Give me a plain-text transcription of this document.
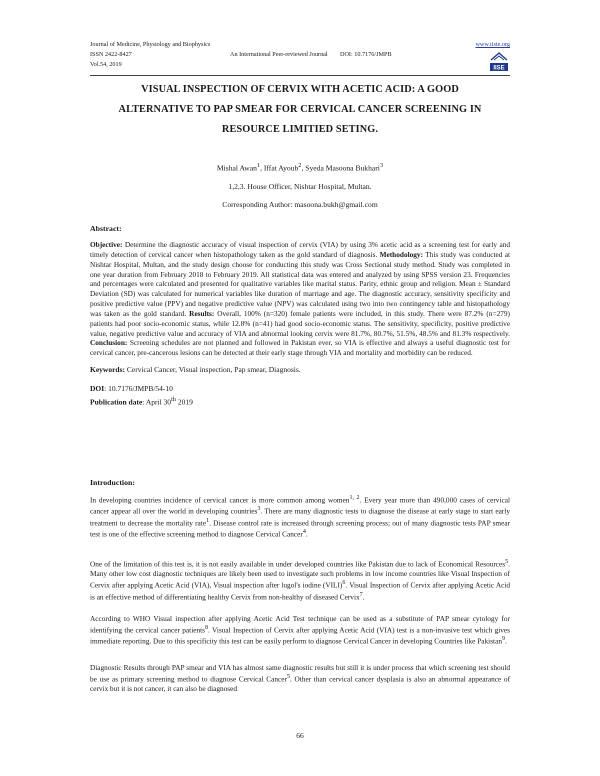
Journal of Medicine, Physiology and Biophysics
ISSN 2422-8427	An International Peer-reviewed Journal	DOI: 10.7176/JMPB
Vol.54, 2019
www.iiste.org
IISE
VISUAL INSPECTION OF CERVIX WITH ACETIC ACID: A GOOD
ALTERNATIVE TO PAP SMEAR FOR CERVICAL CANCER SCREENING IN
RESOURCE LIMITIED SETING.
Mishal Awan$^1$, Iffat Ayoub$^2$, Syeda Masoona Bukhari$^3$
1,2,3. House Officer, Nishtar Hospital, Multan.
Corresponding Author: masoona.bukh@gmail.com
Abstract:
Objective: Determine the diagnostic accuracy of visual inspection of cervix (VIA) by using 3% acetic acid as a screening test for early and timely detection of cervical cancer when histopathology taken as the gold standard of diagnosis. Methodology: This study was conducted at Nishtar Hospital, Multan, and the study design choose for conducting this study was Cross Sectional study method. Study was completed in one year duration from February 2018 to February 2019. All statistical data was entered and analyzed by using SPSS version 23. Frequencies and percentages were calculated and presented for qualitative variables like marital status. Parity, ethnic group and religion. Mean ± Standard Deviation (SD) was calculated for numerical variables like duration of marriage and age. The diagnostic accuracy, sensitivity specificity and positive predictive value (PPV) and negative predictive value (NPV) was calculated using two into two contingency table and histopathology was taken as the gold standard. Results: Overall, 100% (n=320) female patients were included, in this study. There were 87.2% (n=279) patients had poor socio-economic status, while 12.8% (n=41) had good socio-economic status. The sensitivity, specificity, positive predictive value, negative predictive value and accuracy of VIA and abnormal looking cervix were 81.7%, 80.7%, 51.5%, 48.5% and 81.3% respectively. Conclusion: Screening schedules are not planned and followed in Pakistan ever, so VIA is effective and always a useful diagnostic test for cervical cancer, pre-cancerous lesions can be detected at their early stage through VIA and mortality and morbidity can be reduced.
Keywords: Cervical Cancer, Visual inspection, Pap smear, Diagnosis.
DOI: 10.7176/JMPB/54-10
Publication date: April 30th 2019
Introduction:

In developing countries incidence of cervical cancer is more common among women$^{1, 2}$. Every year more than 490,000 cases of cervical cancer appear all over the world in developing countries$^3$. There are many diagnostic tests to diagnose the disease at early stage to start early treatment to decrease the mortality rate$^1$. Disease control rate is increased through screening process; out of many diagnostic tests PAP smear test is one of the effective screening method to diagnose Cervical Cancer$^4$.

One of the limitation of this test is, it is not easily available in under developed countries like Pakistan due to lack of Economical Resources$^5$. Many other low cost diagnostic techniques are likely been used to investigate such problems in low income countries like Visual Inspection of Cervix after applying Acetic Acid (VIA), Visual inspection after lugol's iodine (VILI)$^6$. Visual Inspection of Cervix after applying Acetic Acid is an effective method of differentiating healthy Cervix from non-healthy of diseased Cervix$^7$.

According to WHO Visual inspection after applying Acetic Acid Test technique can be used as a substitute of PAP smear cytology for identifying the cervical cancer patients$^8$. Visual Inspection of Cervix after applying Acetic Acid (VIA) test is a non-invasive test which gives immediate reporting. Due to this specificity this test can be easily perform to diagnose Cervical Cancer in developing Countries like Pakistan$^9$.

Diagnostic Results through PAP smear and VIA has almost same diagnostic results but still it is under process that which screening test should be use as primary screening method to diagnose Cervical Cancer$^5$. Other than cervical cancer dysplasia is also an abnormal appearance of cervix but it is not cancer, it can also be diagnosed

66
